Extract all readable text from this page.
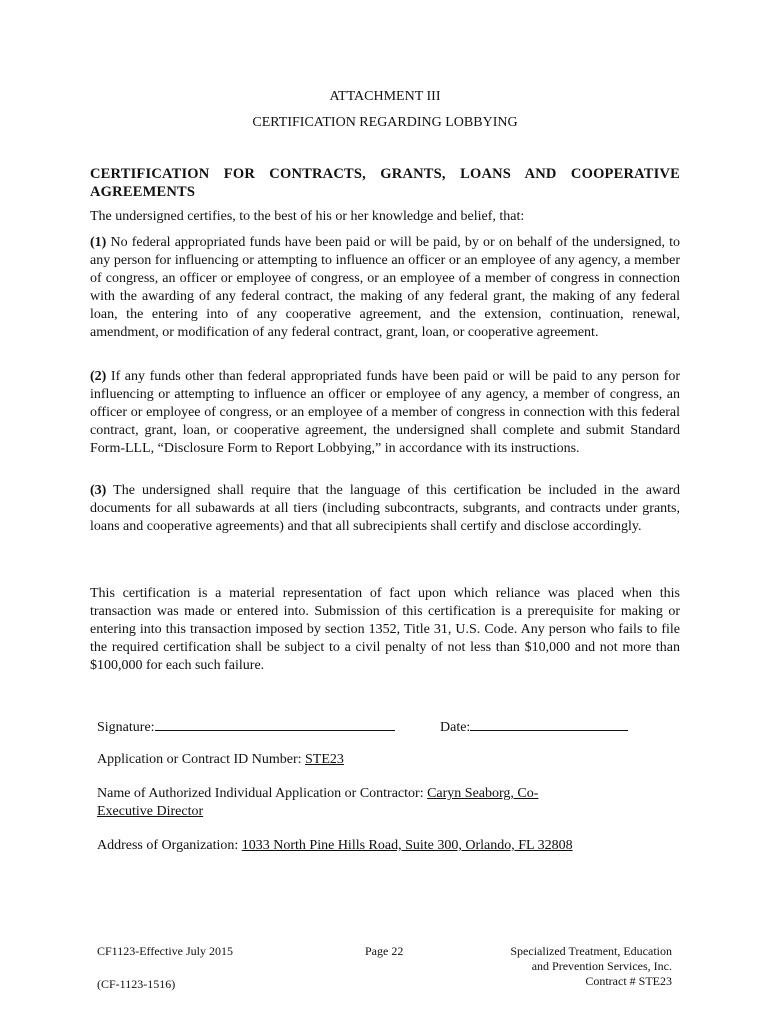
ATTACHMENT III
CERTIFICATION REGARDING LOBBYING
CERTIFICATION FOR CONTRACTS, GRANTS, LOANS AND COOPERATIVE
AGREEMENTS

The undersigned certifies, to the best of his or her knowledge and belief, that:

(1) No federal appropriated funds have been paid or will be paid, by or on behalf of the undersigned, to any person for influencing or attempting to influence an officer or an employee of any agency, a member of congress, an officer or employee of congress, or an employee of a member of congress in connection with the awarding of any federal contract, the making of any federal grant, the making of any federal loan, the entering into of any cooperative agreement, and the extension, continuation, renewal, amendment, or modification of any federal contract, grant, loan, or cooperative agreement.

(2) If any funds other than federal appropriated funds have been paid or will be paid to any person for influencing or attempting to influence an officer or employee of any agency, a member of congress, an officer or employee of congress, or an employee of a member of congress in connection with this federal contract, grant, loan, or cooperative agreement, the undersigned shall complete and submit Standard Form-LLL, “Disclosure Form to Report Lobbying,” in accordance with its instructions.

(3) The undersigned shall require that the language of this certification be included in the award documents for all subawards at all tiers (including subcontracts, subgrants, and contracts under grants, loans and cooperative agreements) and that all subrecipients shall certify and disclose accordingly.

This certification is a material representation of fact upon which reliance was placed when this transaction was made or entered into. Submission of this certification is a prerequisite for making or entering into this transaction imposed by section 1352, Title 31, U.S. Code. Any person who fails to file the required certification shall be subject to a civil penalty of not less than $10,000 and not more than $100,000 for each such failure.

Signature:	Date:
Application or Contract ID Number: STE23
Name of Authorized Individual Application or Contractor: Caryn Seaborg, Co-
Executive Director
Address of Organization: 1033 North Pine Hills Road, Suite 300, Orlando, FL 32808
CF1123-Effective July 2015
(CF-1123-1516)
Page 22	Specialized Treatment, Education
and Prevention Services, Inc.
Contract # STE23
